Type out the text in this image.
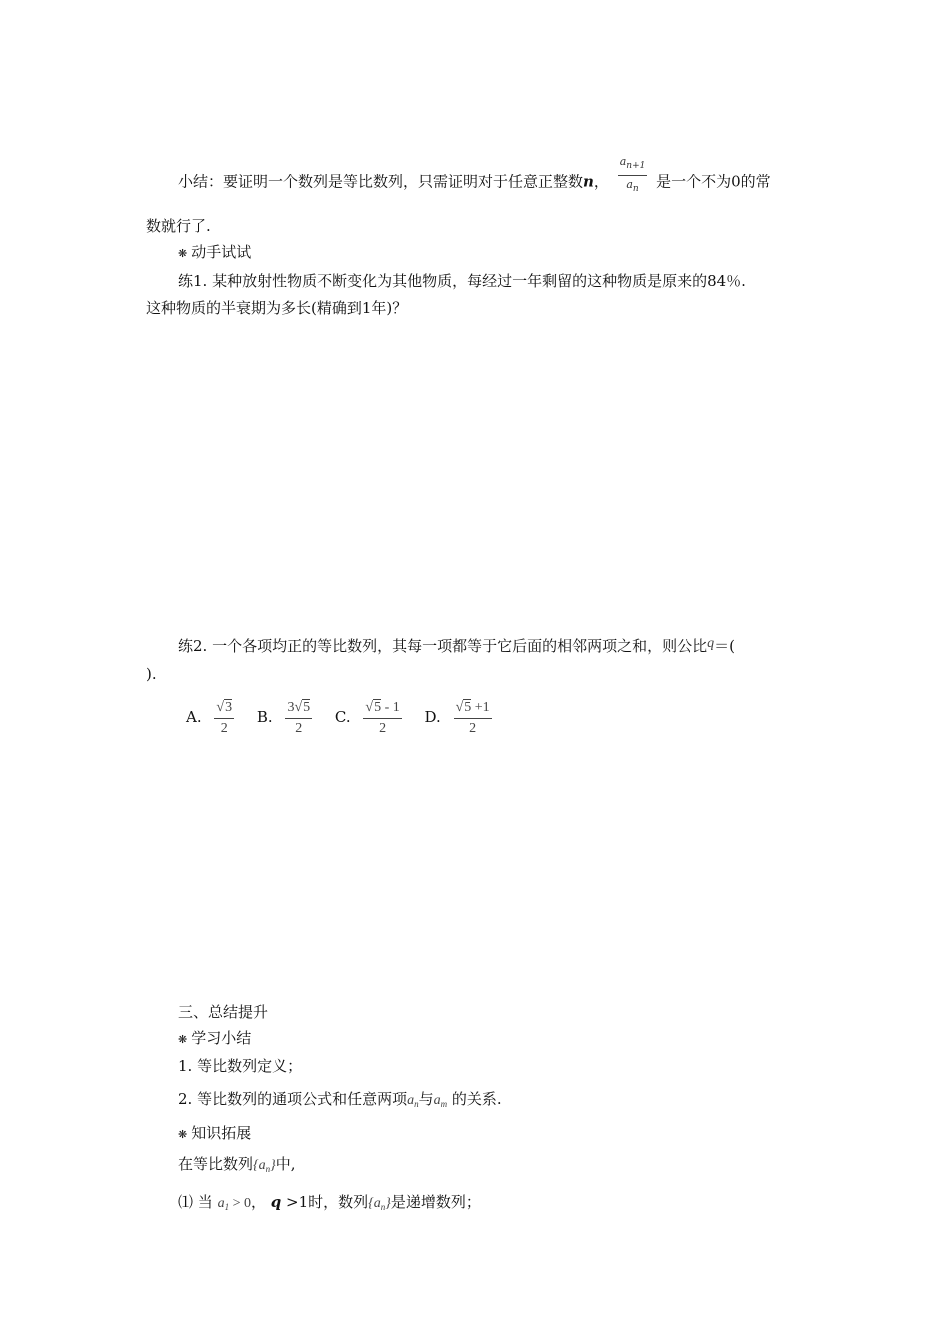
小结：要证明一个数列是等比数列，只需证明对于任意正整数n， $\frac{a_{n+1}}{a_n}$ 是一个不为0的常
数就行了.
❋ 动手试试
练1. 某种放射性物质不断变化为其他物质，每经过一年剩留的这种物质是原来的84％.
这种物质的半衰期为多长(精确到1年)？
练2. 一个各项均正的等比数列，其每一项都等于它后面的相邻两项之和，则公比q＝(
).
A. $\frac{√3}{2} B$. $\frac{3√5}{2} C$. $\frac{√5 - 1}{2} D$. $\frac{√5 +1}{2}$
三、总结提升
❋ 学习小结
1. 等比数列定义；
2. 等比数列的通项公式和任意两项$a_n$与$a_m$ 的关系.
❋ 知识拓展
在等比数列$\{a_n\}$中,
⑴ 当 $a_1 > 0$， q >1时，数列$\{a_n\}$是递增数列；
